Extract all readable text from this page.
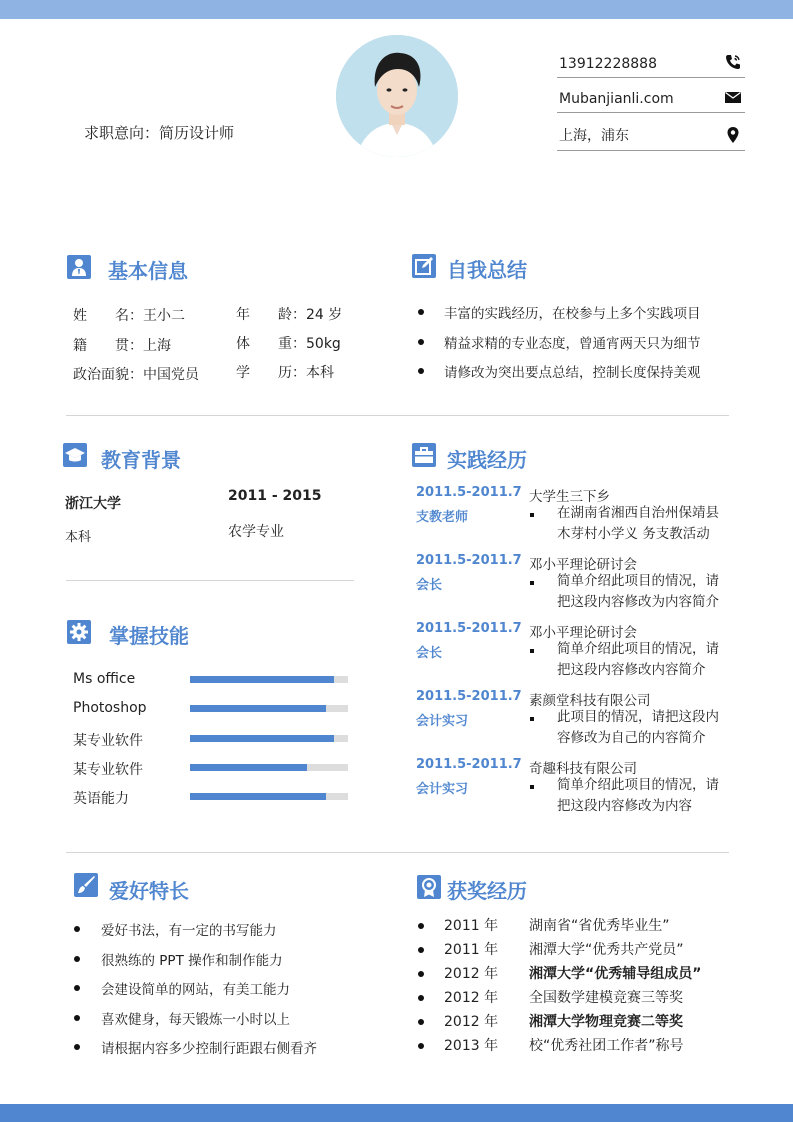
求职意向：简历设计师
13912228888
Mubanjianli.com
上海，浦东
基本信息
姓　　名：王小二	年　　龄：24 岁
籍　　贯：上海	体　　重：50kg
政治面貌：中国党员	学　　历：本科
自我总结
丰富的实践经历，在校参与上多个实践项目
精益求精的专业态度，曾通宵两天只为细节
请修改为突出要点总结，控制长度保持美观
教育背景
浙江大学	2011 - 2015
本科	农学专业
掌握技能
Ms office
Photoshop
某专业软件
某专业软件
英语能力
实践经历
2011.5-2011.7
支教老师
大学生三下乡
在湖南省湘西自治州保靖县木芽村小学义 务支教活动
2011.5-2011.7
会长
邓小平理论研讨会
简单介绍此项目的情况，请把这段内容修改为内容简介
2011.5-2011.7
会长
邓小平理论研讨会
简单介绍此项目的情况，请把这段内容修改内容简介
2011.5-2011.7
会计实习
素颜堂科技有限公司
此项目的情况，请把这段内容修改为自己的内容简介
2011.5-2011.7
会计实习
奇趣科技有限公司
简单介绍此项目的情况，请把这段内容修改为内容
爱好特长
爱好书法，有一定的书写能力
很熟练的 PPT 操作和制作能力
会建设简单的网站，有美工能力
喜欢健身，每天锻炼一小时以上
请根据内容多少控制行距跟右侧看齐
获奖经历
2011 年 湖南省“省优秀毕业生”
2011 年 湘潭大学“优秀共产党员”
2012 年 湘潭大学“优秀辅导组成员”
2012 年 全国数学建模竞赛三等奖
2012 年 湘潭大学物理竞赛二等奖
2013 年 校“优秀社团工作者”称号
